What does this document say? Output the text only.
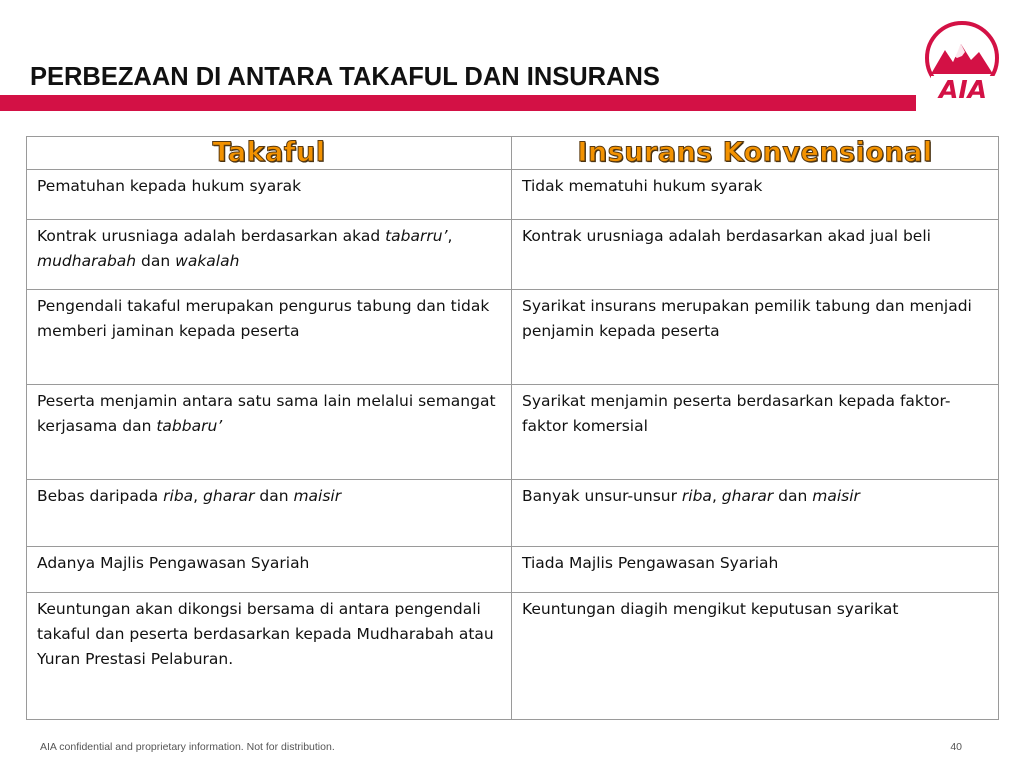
PERBEZAAN DI ANTARA TAKAFUL DAN INSURANS	AIA
Takaful	Insurans Konvensional
Pematuhan kepada hukum syarak	Tidak mematuhi hukum syarak
Kontrak urusniaga adalah berdasarkan akad tabarru’, mudharabah dan wakalah	Kontrak urusniaga adalah berdasarkan akad jual beli
Pengendali takaful merupakan pengurus tabung dan tidak memberi jaminan kepada peserta	Syarikat insurans merupakan pemilik tabung dan menjadi penjamin kepada peserta
Peserta menjamin antara satu sama lain melalui semangat kerjasama dan tabbaru’	Syarikat menjamin peserta berdasarkan kepada faktor-faktor komersial
Bebas daripada riba, gharar dan maisir	Banyak unsur-unsur riba, gharar dan maisir
Adanya Majlis Pengawasan Syariah	Tiada Majlis Pengawasan Syariah
Keuntungan akan dikongsi bersama di antara pengendali takaful dan peserta berdasarkan kepada Mudharabah atau Yuran Prestasi Pelaburan.	Keuntungan diagih mengikut keputusan syarikat
AIA confidential and proprietary information. Not for distribution.	40
